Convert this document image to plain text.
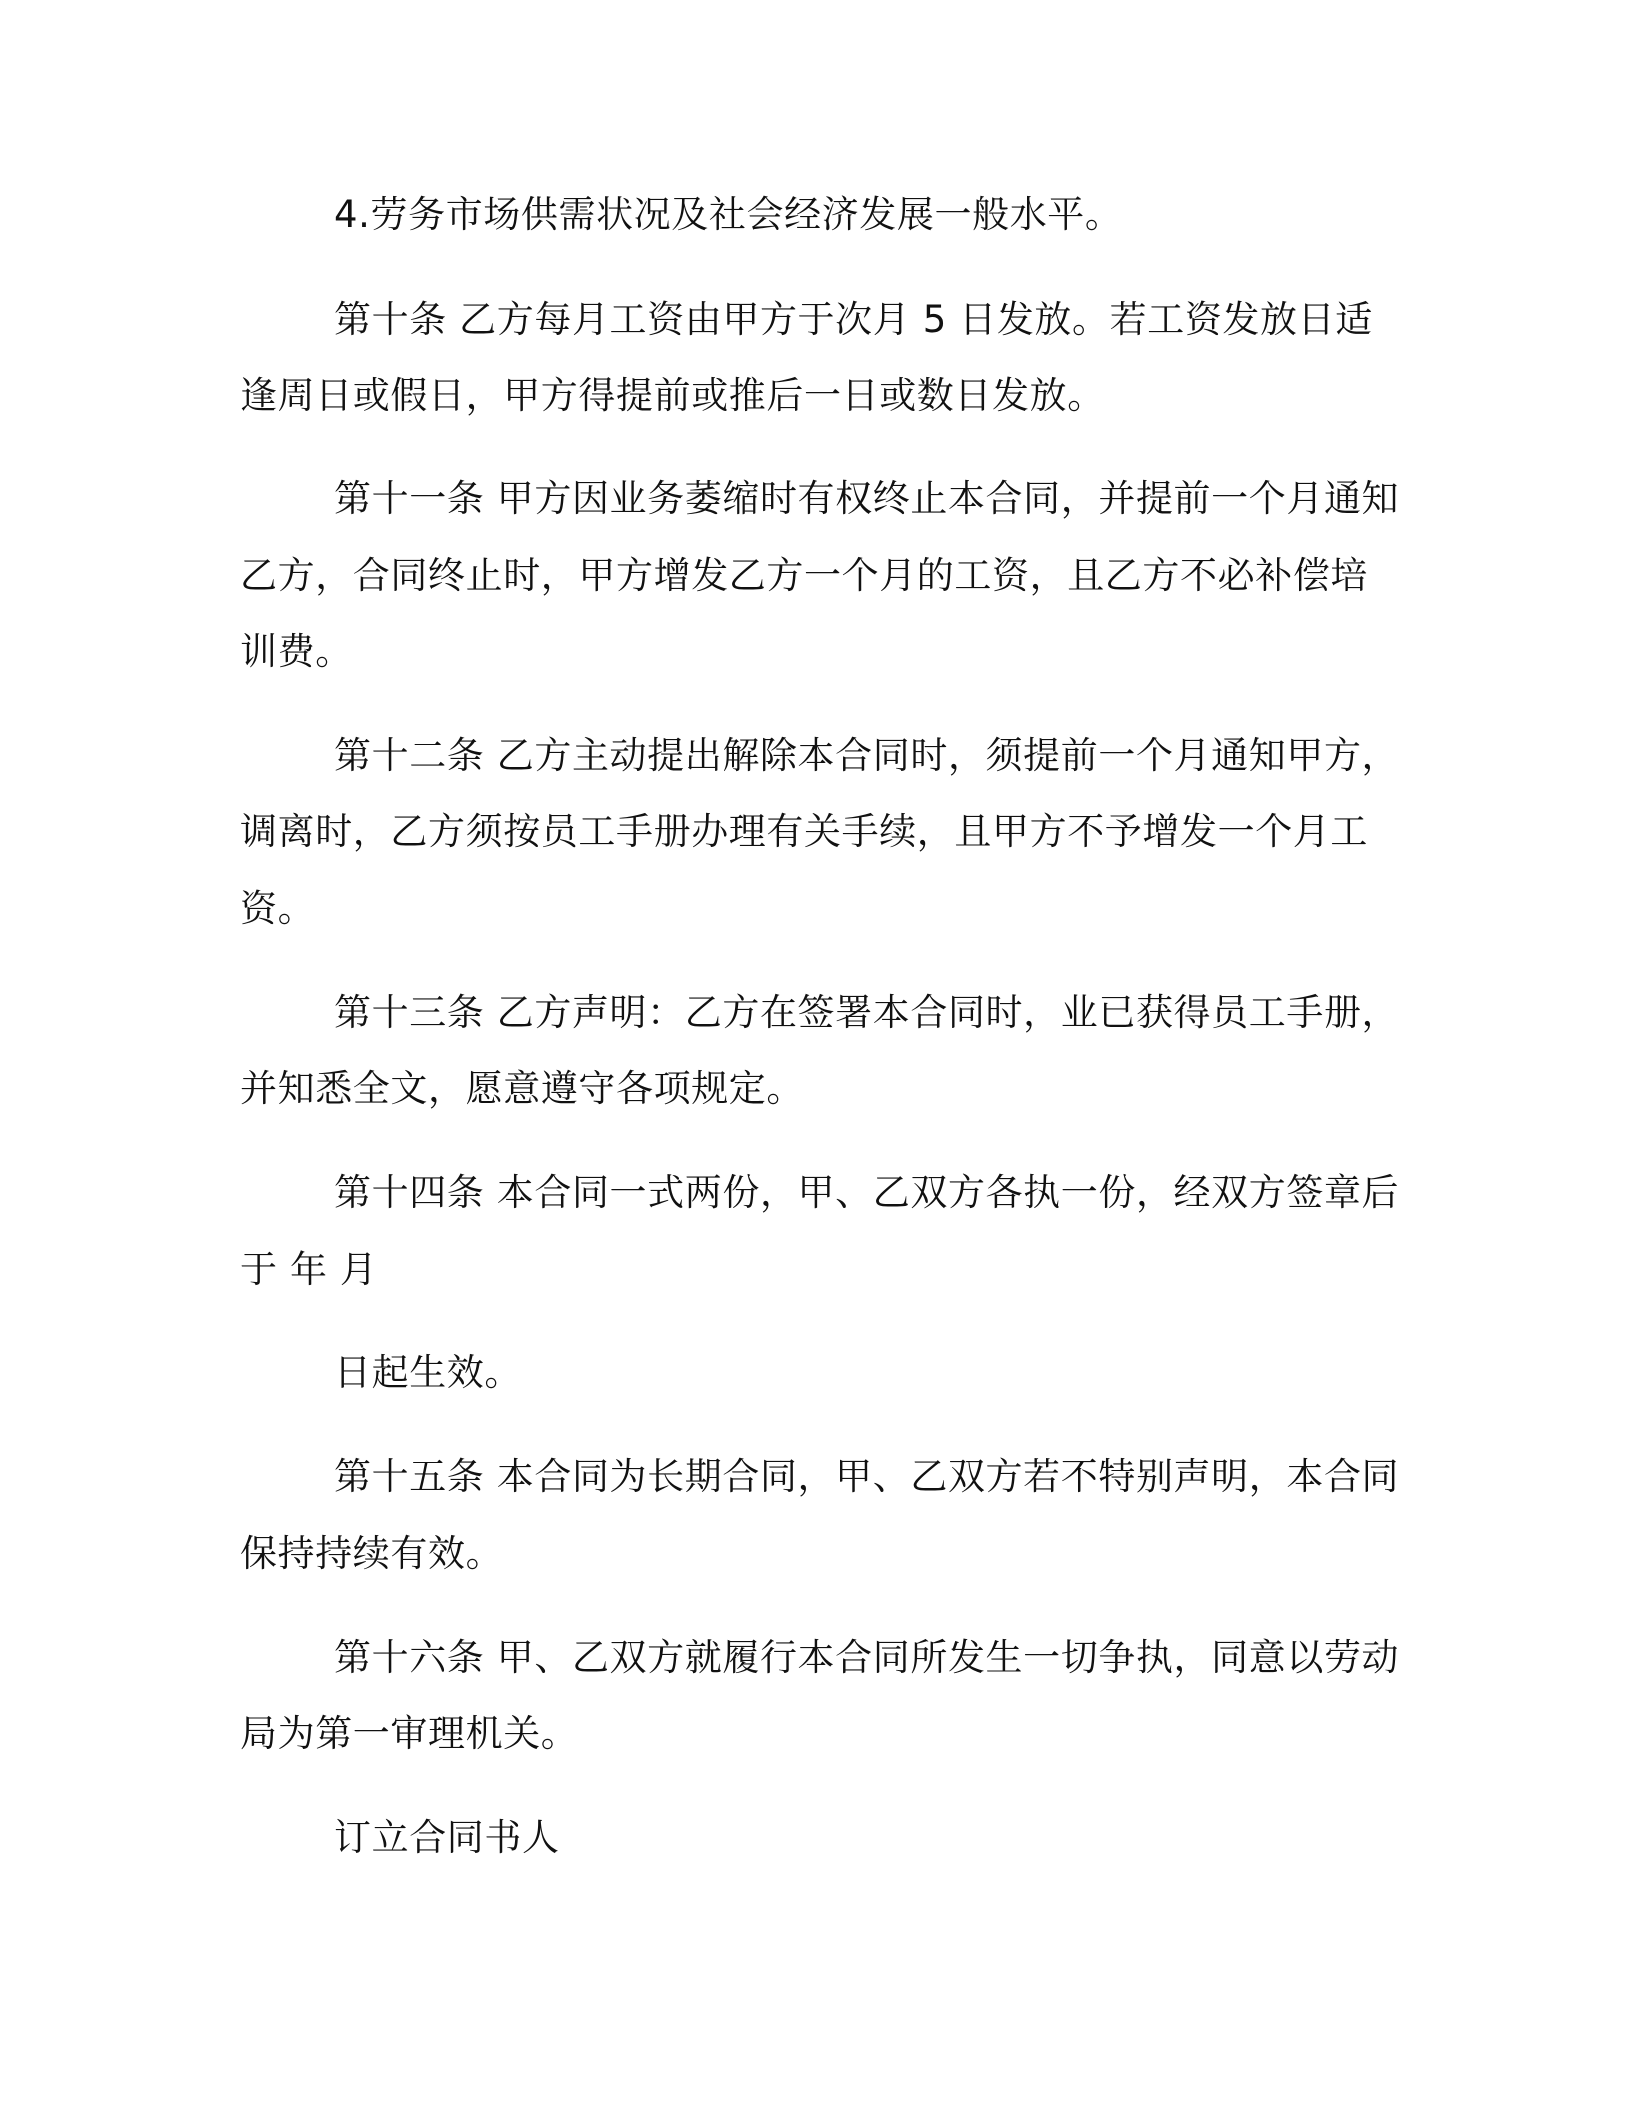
4.劳务市场供需状况及社会经济发展一般水平。
第十条 乙方每月工资由甲方于次月 5 日发放。若工资发放日适
逢周日或假日，甲方得提前或推后一日或数日发放。
第十一条 甲方因业务萎缩时有权终止本合同，并提前一个月通知
乙方，合同终止时，甲方增发乙方一个月的工资，且乙方不必补偿培
训费。
第十二条 乙方主动提出解除本合同时，须提前一个月通知甲方，
调离时，乙方须按员工手册办理有关手续，且甲方不予增发一个月工
资。
第十三条 乙方声明：乙方在签署本合同时，业已获得员工手册，
并知悉全文，愿意遵守各项规定。
第十四条 本合同一式两份，甲、乙双方各执一份，经双方签章后
于 年 月
日起生效。
第十五条 本合同为长期合同，甲、乙双方若不特别声明，本合同
保持持续有效。
第十六条 甲、乙双方就履行本合同所发生一切争执，同意以劳动
局为第一审理机关。
订立合同书人
